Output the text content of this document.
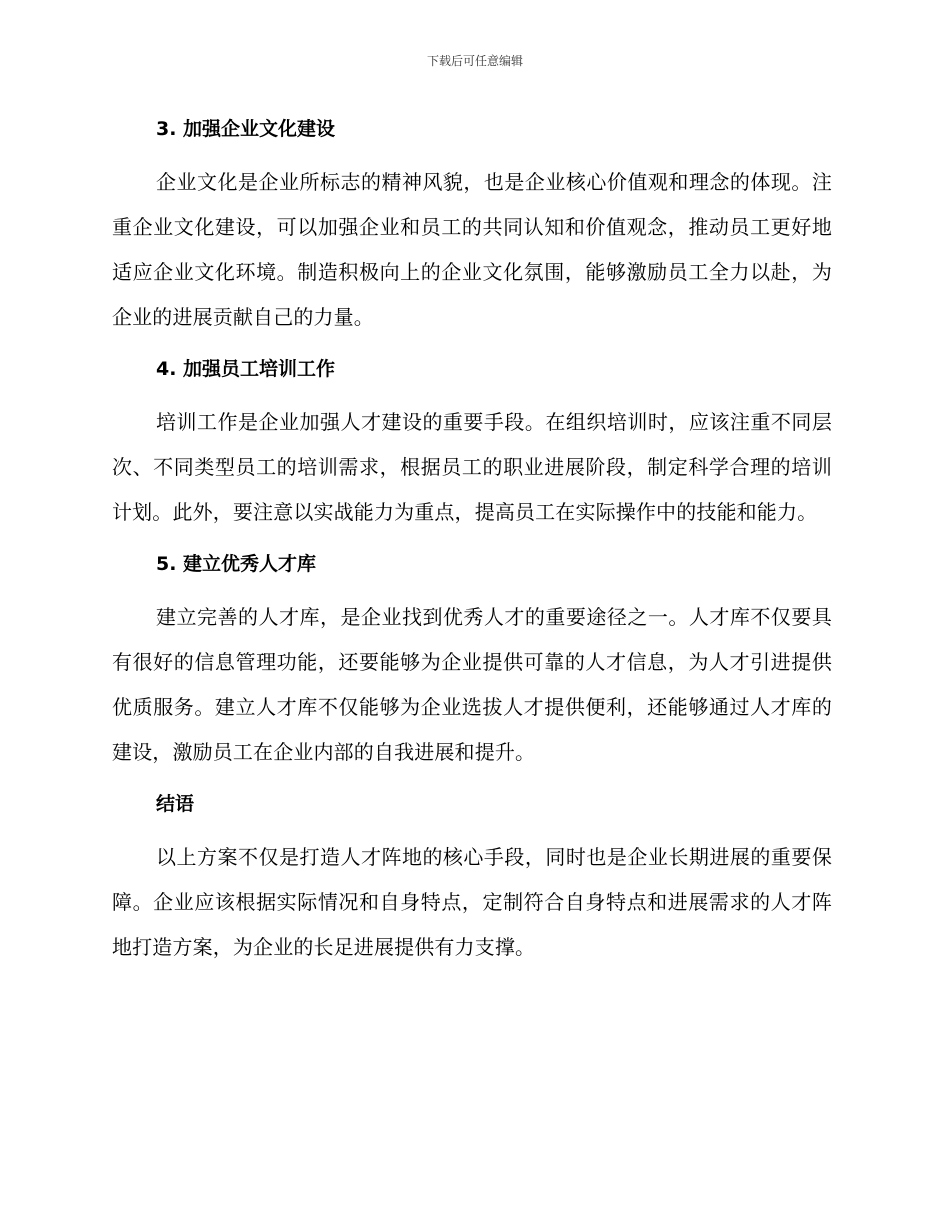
下载后可任意编辑
3. 加强企业文化建设

企业文化是企业所标志的精神风貌，也是企业核心价值观和理念的体现。注重企业文化建设，可以加强企业和员工的共同认知和价值观念，推动员工更好地适应企业文化环境。制造积极向上的企业文化氛围，能够激励员工全力以赴，为企业的进展贡献自己的力量。

4. 加强员工培训工作

培训工作是企业加强人才建设的重要手段。在组织培训时，应该注重不同层次、不同类型员工的培训需求，根据员工的职业进展阶段，制定科学合理的培训计划。此外，要注意以实战能力为重点，提高员工在实际操作中的技能和能力。

5. 建立优秀人才库

建立完善的人才库，是企业找到优秀人才的重要途径之一。人才库不仅要具有很好的信息管理功能，还要能够为企业提供可靠的人才信息，为人才引进提供优质服务。建立人才库不仅能够为企业选拔人才提供便利，还能够通过人才库的建设，激励员工在企业内部的自我进展和提升。

结语

以上方案不仅是打造人才阵地的核心手段，同时也是企业长期进展的重要保障。企业应该根据实际情况和自身特点，定制符合自身特点和进展需求的人才阵地打造方案，为企业的长足进展提供有力支撑。
